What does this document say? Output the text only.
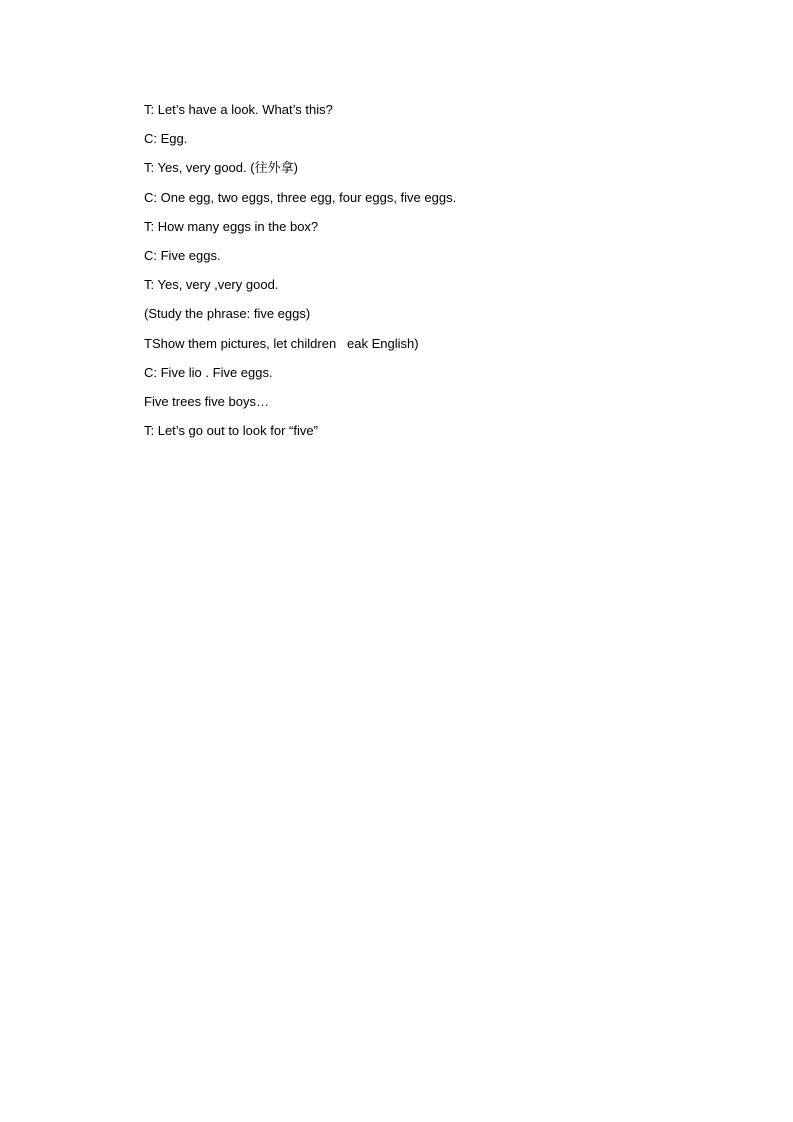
T: Let’s have a look. What’s this?

C: Egg.

T: Yes, very good. (往外拿)

C: One egg, two eggs, three egg, four eggs, five eggs.

T: How many eggs in the box?

C: Five eggs.

T: Yes, very ,very good.

(Study the phrase: five eggs)

TShow them pictures, let children   eak English)

C: Five lio . Five eggs.

Five trees five boys…

T: Let’s go out to look for “five”
